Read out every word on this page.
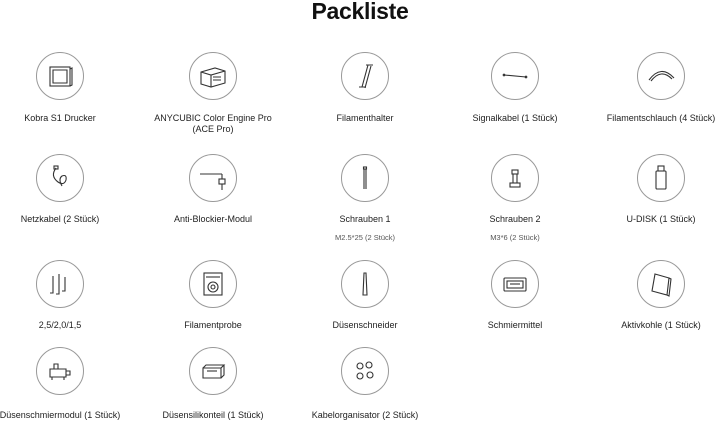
Packliste
Kobra S1 Drucker	ANYCUBIC Color Engine Pro (ACE Pro)
Filamenthalter	Signalkabel (1 Stück)	Filamentschlauch (4 Stück)
Netzkabel (2 Stück)	Anti-Blockier-Modul	Schrauben 1
M2.5*25 (2 Stück)
Schrauben 2
M3*6 (2 Stück)
U-DISK (1 Stück)
2,5/2,0/1,5	Filamentprobe	Düsenschneider	Schmiermittel	Aktivkohle (1 Stück)
Düsenschmiermodul (1 Stück)	Düsensilikonteil (1 Stück)	Kabelorganisator (2 Stück)
